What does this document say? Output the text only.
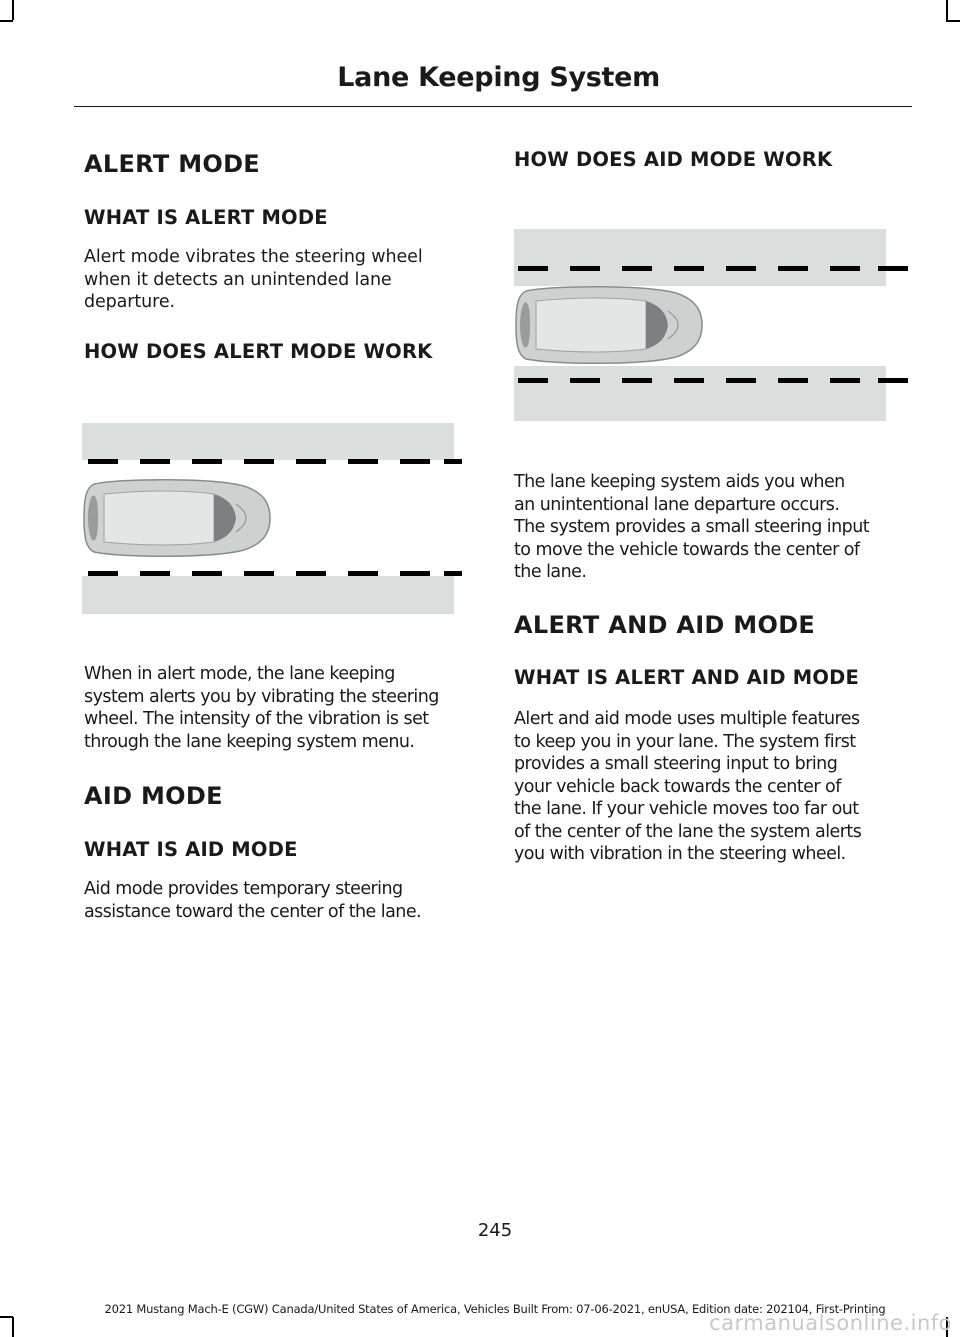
Lane Keeping System
ALERT MODE
WHAT IS ALERT MODE

Alert mode vibrates the steering wheel

when it detects an unintended lane

departure.

HOW DOES ALERT MODE WORK

When in alert mode, the lane keeping

system alerts you by vibrating the steering

wheel. The intensity of the vibration is set

through the lane keeping system menu.

AID MODE
WHAT IS AID MODE

Aid mode provides temporary steering

assistance toward the center of the lane.

HOW DOES AID MODE WORK

The lane keeping system aids you when

an unintentional lane departure occurs.

The system provides a small steering input

to move the vehicle towards the center of

the lane.

ALERT AND AID MODE
WHAT IS ALERT AND AID MODE

Alert and aid mode uses multiple features

to keep you in your lane. The system first

provides a small steering input to bring

your vehicle back towards the center of

the lane. If your vehicle moves too far out

of the center of the lane the system alerts

you with vibration in the steering wheel.

245
2021 Mustang Mach-E (CGW) Canada/United States of America, Vehicles Built From: 07-06-2021, enUSA, Edition date: 202104, First-Printing
carmanualsonline.info
